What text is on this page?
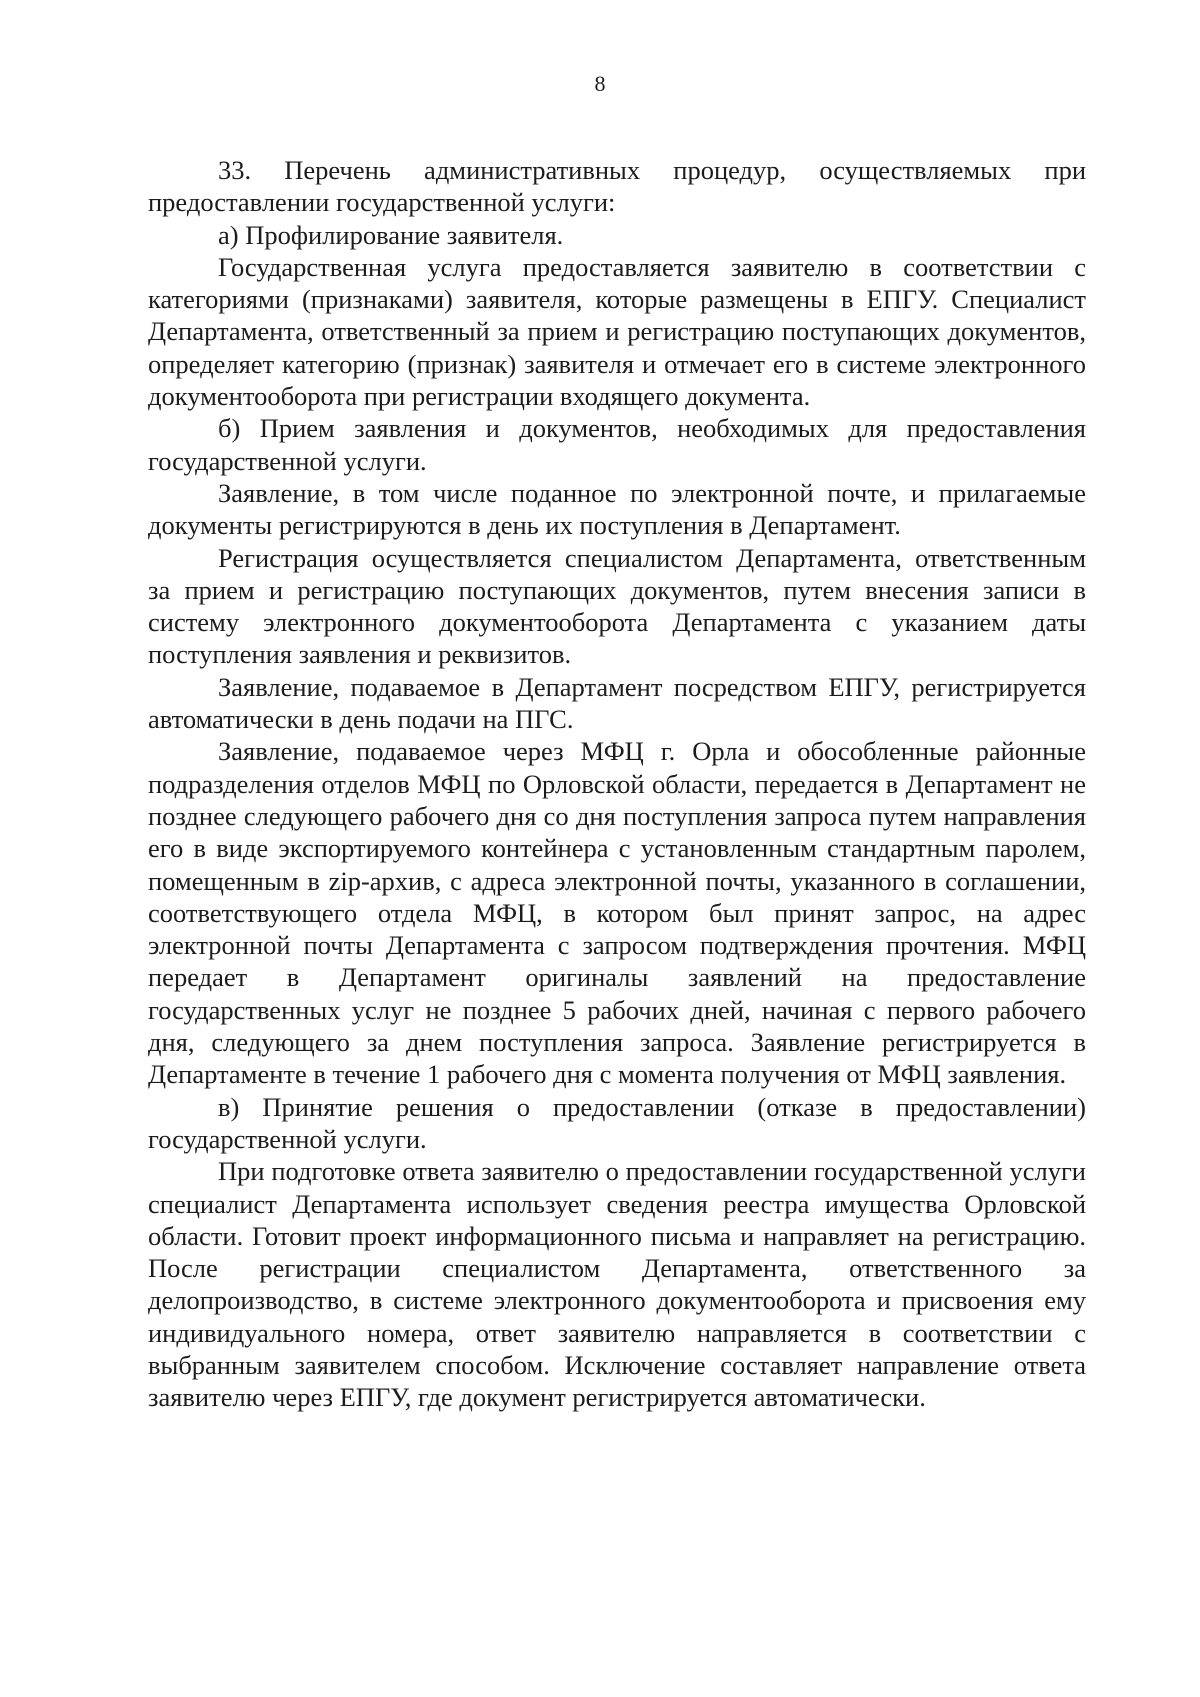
8

33. Перечень административных процедур, осуществляемых при предоставлении государственной услуги:

а) Профилирование заявителя.

Государственная услуга предоставляется заявителю в соответствии с категориями (признаками) заявителя, которые размещены в ЕПГУ. Специалист Департамента, ответственный за прием и регистрацию поступающих документов, определяет категорию (признак) заявителя и отмечает его в системе электронного документооборота при регистрации входящего документа.

б) Прием заявления и документов, необходимых для предоставления государственной услуги.

Заявление, в том числе поданное по электронной почте, и прилагаемые документы регистрируются в день их поступления в Департамент.

Регистрация осуществляется специалистом Департамента, ответственным за прием и регистрацию поступающих документов, путем внесения записи в систему электронного документооборота Департамента с указанием даты поступления заявления и реквизитов.

Заявление, подаваемое в Департамент посредством ЕПГУ, регистрируется автоматически в день подачи на ПГС.

Заявление, подаваемое через МФЦ г. Орла и обособленные районные подразделения отделов МФЦ по Орловской области, передается в Департамент не позднее следующего рабочего дня со дня поступления запроса путем направления его в виде экспортируемого контейнера с установленным стандартным паролем, помещенным в zip-архив, с адреса электронной почты, указанного в соглашении, соответствующего отдела МФЦ, в котором был принят запрос, на адрес электронной почты Департамента с запросом подтверждения прочтения. МФЦ передает в Департамент оригиналы заявлений на предоставление государственных услуг не позднее 5 рабочих дней, начиная с первого рабочего дня, следующего за днем поступления запроса. Заявление регистрируется в Департаменте в течение 1 рабочего дня с момента получения от МФЦ заявления.

в) Принятие решения о предоставлении (отказе в предоставлении) государственной услуги.

При подготовке ответа заявителю о предоставлении государственной услуги специалист Департамента использует сведения реестра имущества Орловской области. Готовит проект информационного письма и направляет на регистрацию. После регистрации специалистом Департамента, ответственного за делопроизводство, в системе электронного документооборота и присвоения ему индивидуального номера, ответ заявителю направляется в соответствии с выбранным заявителем способом. Исключение составляет направление ответа заявителю через ЕПГУ, где документ регистрируется автоматически.
